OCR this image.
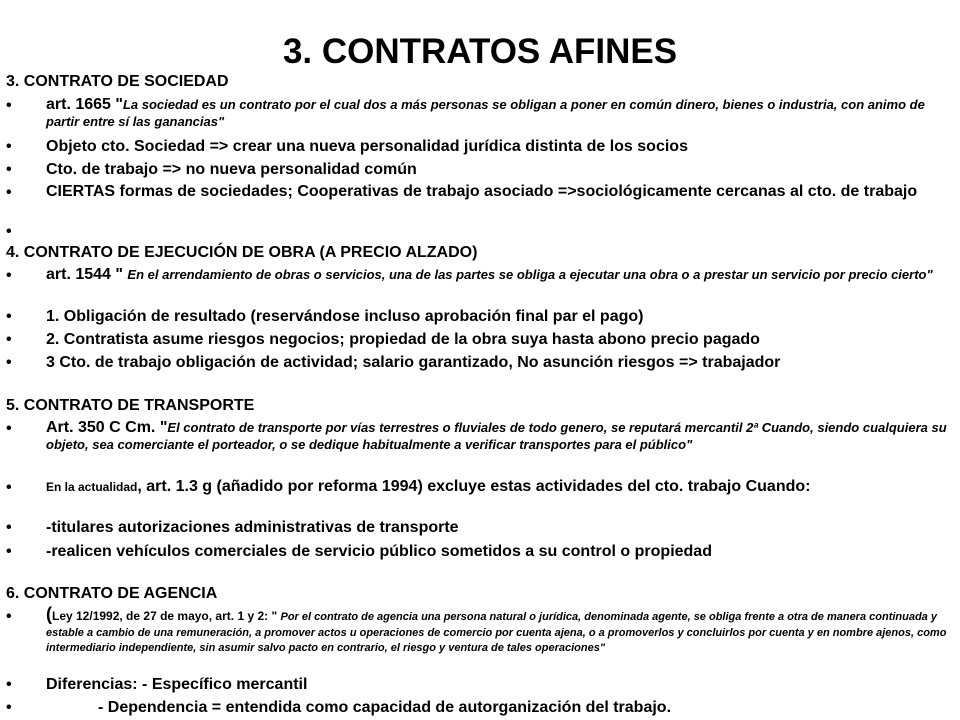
3. CONTRATOS AFINES
3. CONTRATO DE SOCIEDAD
• art. 1665 "La sociedad es un contrato por el cual dos a más personas se obligan a poner en común dinero, bienes o industria, con animo de partir entre sí las ganancias"
• Objeto cto. Sociedad => crear una nueva personalidad jurídica distinta de los socios
• Cto. de trabajo => no nueva personalidad común
• CIERTAS formas de sociedades; Cooperativas de trabajo asociado =>sociológicamente cercanas al cto. de trabajo
•
4. CONTRATO DE EJECUCIÓN DE OBRA (A PRECIO ALZADO)
• art. 1544 " En el arrendamiento de obras o servicios, una de las partes se obliga a ejecutar una obra o a prestar un servicio por precio cierto"
• 1. Obligación de resultado (reservándose incluso aprobación final par el pago)
• 2. Contratista asume riesgos negocios; propiedad de la obra suya hasta abono precio pagado
• 3 Cto. de trabajo obligación de actividad; salario garantizado, No asunción riesgos => trabajador
5. CONTRATO DE TRANSPORTE
• Art. 350 C Cm. "El contrato de transporte por vías terrestres o fluviales de todo genero, se reputará mercantil 2ª Cuando, siendo cualquiera su objeto, sea comerciante el porteador, o se dedique habitualmente a verificar transportes para el público"
•	En la actualidad, art. 1.3 g (añadido por reforma 1994) excluye estas actividades del cto. trabajo Cuando:
• -titulares autorizaciones administrativas de transporte
• -realicen vehículos comerciales de servicio público sometidos a su control o propiedad
6. CONTRATO DE AGENCIA
• (Ley 12/1992, de 27 de mayo, art. 1 y 2: " Por el contrato de agencia una persona natural o jurídica, denominada agente, se obliga frente a otra de manera continuada y estable a cambio de una remuneración, a promover actos u operaciones de comercio por cuenta ajena, o a promoverlos y concluirlos por cuenta y en nombre ajenos, como intermediario independiente, sin asumir salvo pacto en contrario, el riesgo y ventura de tales operaciones"
• Diferencias: - Específico mercantil
•	- Dependencia = entendida como capacidad de autorganización del trabajo.
